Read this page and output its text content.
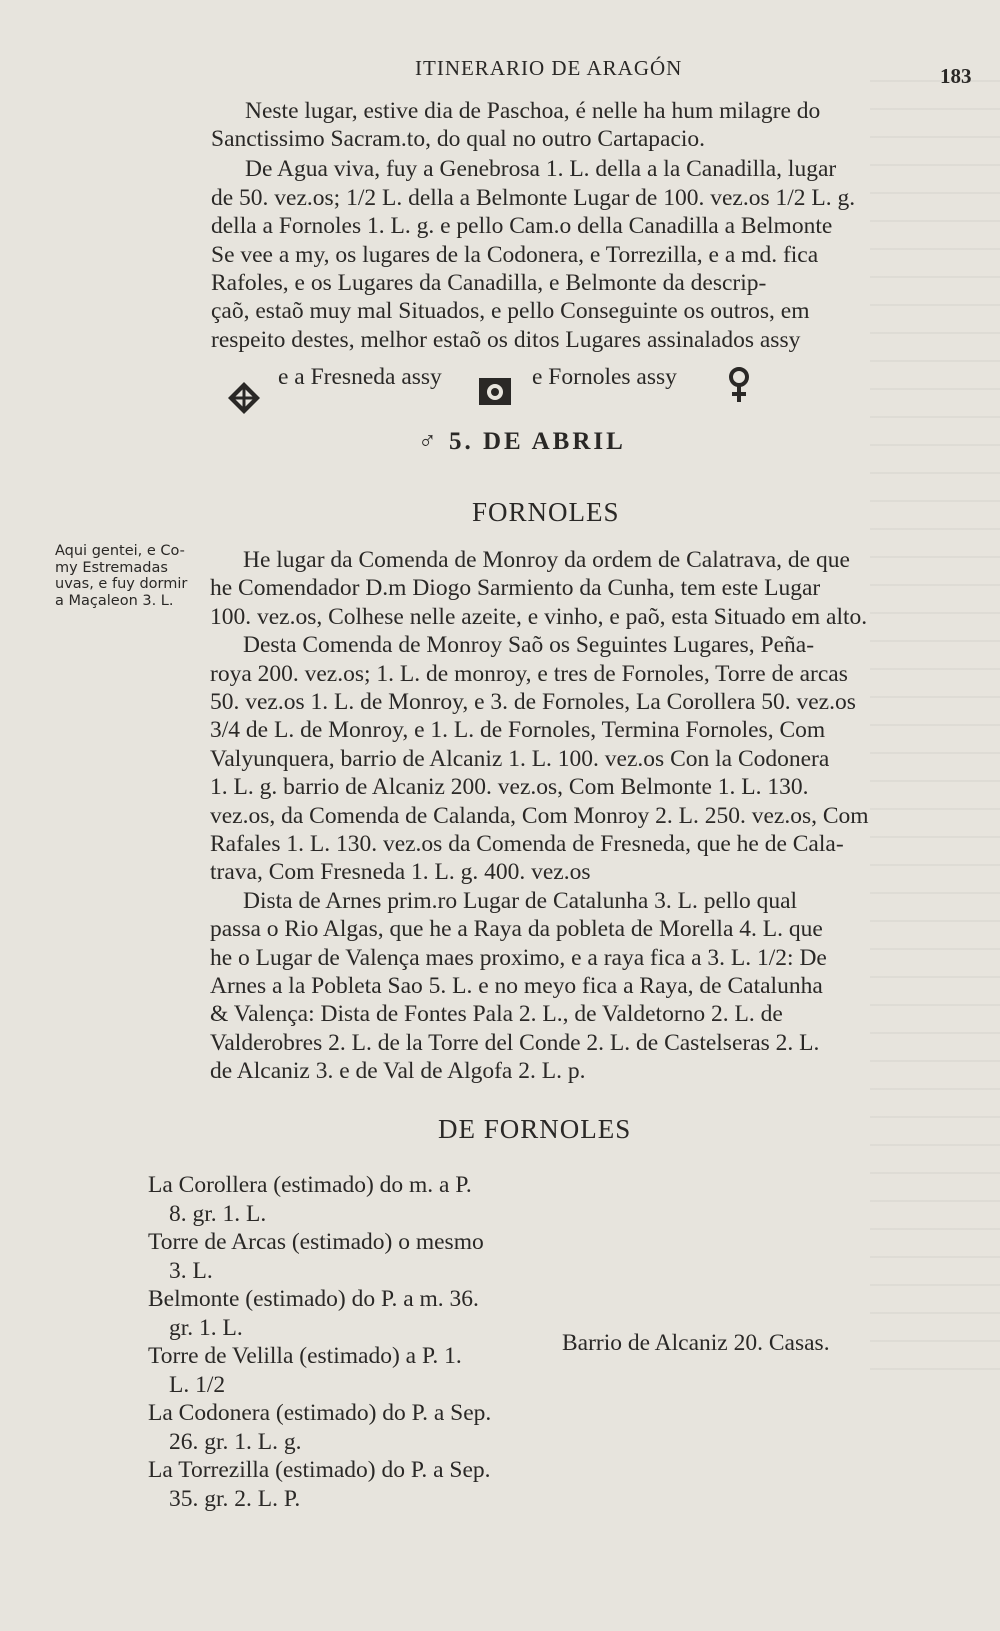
ITINERARIO DE ARAGÓN	183
Neste lugar, estive dia de Paschoa, é nelle ha hum milagre do
Sanctissimo Sacram.to, do qual no outro Cartapacio.
De Agua viva, fuy a Genebrosa 1. L. della a la Canadilla, lugar
de 50. vez.os; 1/2 L. della a Belmonte Lugar de 100. vez.os 1/2 L. g.
della a Fornoles 1. L. g. e pello Cam.o della Canadilla a Belmonte
Se vee a my, os lugares de la Codonera, e Torrezilla, e a md. fica
Rafoles, e os Lugares da Canadilla, e Belmonte da descrip-
çaõ, estaõ muy mal Situados, e pello Conseguinte os outros, em
respeito destes, melhor estaõ os ditos Lugares assinalados assy
e a Fresneda assy	e Fornoles assy
♂ 5. DE ABRIL
FORNOLES
Aqui gentei, e Co-
my Estremadas
uvas, e fuy dormir
a Maçaleon 3. L.
He lugar da Comenda de Monroy da ordem de Calatrava, de que
he Comendador D.m Diogo Sarmiento da Cunha, tem este Lugar
100. vez.os, Colhese nelle azeite, e vinho, e paõ, esta Situado em alto.
Desta Comenda de Monroy Saõ os Seguintes Lugares, Peña-
roya 200. vez.os; 1. L. de monroy, e tres de Fornoles, Torre de arcas
50. vez.os 1. L. de Monroy, e 3. de Fornoles, La Corollera 50. vez.os
3/4 de L. de Monroy, e 1. L. de Fornoles, Termina Fornoles, Com
Valyunquera, barrio de Alcaniz 1. L. 100. vez.os Con la Codonera
1. L. g. barrio de Alcaniz 200. vez.os, Com Belmonte 1. L. 130.
vez.os, da Comenda de Calanda, Com Monroy 2. L. 250. vez.os, Com
Rafales 1. L. 130. vez.os da Comenda de Fresneda, que he de Cala-
trava, Com Fresneda 1. L. g. 400. vez.os
Dista de Arnes prim.ro Lugar de Catalunha 3. L. pello qual
passa o Rio Algas, que he a Raya da pobleta de Morella 4. L. que
he o Lugar de Valença maes proximo, e a raya fica a 3. L. 1/2: De
Arnes a la Pobleta Sao 5. L. e no meyo fica a Raya, de Catalunha
& Valença: Dista de Fontes Pala 2. L., de Valdetorno 2. L. de
Valderobres 2. L. de la Torre del Conde 2. L. de Castelseras 2. L.
de Alcaniz 3. e de Val de Algofa 2. L. p.
DE FORNOLES
La Corollera (estimado) do m. a P.
8. gr. 1. L.
Torre de Arcas (estimado) o mesmo
3. L.
Belmonte (estimado) do P. a m. 36.
gr. 1. L.
Torre de Velilla (estimado) a P. 1.
L. 1/2
La Codonera (estimado) do P. a Sep.
26. gr. 1. L. g.
La Torrezilla (estimado) do P. a Sep.
35. gr. 2. L. P.
Barrio de Alcaniz 20. Casas.
